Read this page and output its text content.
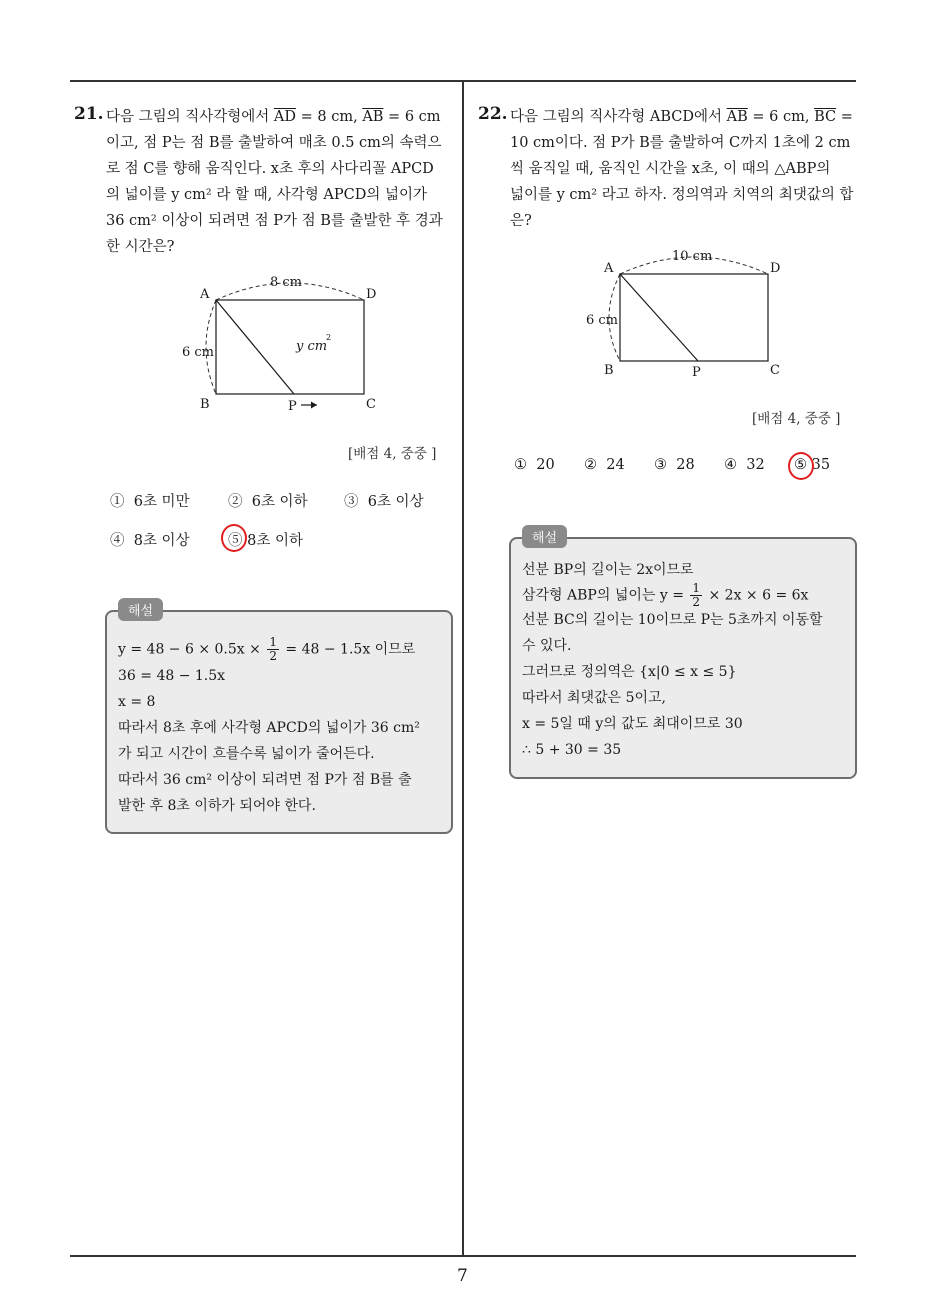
21. 다음 그림의 직사각형에서 $\overline{AD} = 8$ cm, $\overline{AB} = 6$ cm
이고, 점 P는 점 B를 출발하여 매초 0.5 cm의 속력으
로 점 C를 향해 움직인다. x초 후의 사다리꼴 APCD
의 넓이를 y cm² 라 할 때, 사각형 APCD의 넓이가
36 cm² 이상이 되려면 점 P가 점 B를 출발한 후 경과
한 시간은?
8 cm
6 cm	y cm
2
A	D
B	C
P
[배점 4, 중중 ]
① 6초 미만	② 6초 이하	③ 6초 이상
④ 8초 이상	⑤ 8초 이하
해설
$y = 48 - 6 \times 0.5x \times \frac{1}{2} = 48 - 1.5x$ 이므로
36 = 48 − 1.5x
x = 8
따라서 8초 후에 사각형 APCD의 넓이가 36 cm²
가 되고 시간이 흐를수록 넓이가 줄어든다.
따라서 36 cm² 이상이 되려면 점 P가 점 B를 출
발한 후 8초 이하가 되어야 한다.
22. 다음 그림의 직사각형 ABCD에서 $\overline{AB} = 6$ cm, $\overline{BC}$ =
10 cm이다. 점 P가 B를 출발하여 C까지 1초에 2 cm
씩 움직일 때, 움직인 시간을 x초, 이 때의 △ABP의
넓이를 y cm² 라고 하자. 정의역과 치역의 최댓값의 합
은?
10 cm
6 cm
A	D
B	C
P
[배점 4, 중중 ]
① 20 ② 24 ③ 28 ④ 32 ⑤ 35
해설
선분 BP의 길이는 2x이므로
삼각형 ABP의 넓이는 $y = \frac{1}{2} \times 2x \times 6 = 6x$
선분 BC의 길이는 10이므로 P는 5초까지 이동할
수 있다.
그러므로 정의역은 {x|0 ≤ x ≤ 5}
따라서 최댓값은 5이고,
x = 5일 때 y의 값도 최대이므로 30
∴ 5 + 30 = 35
7
